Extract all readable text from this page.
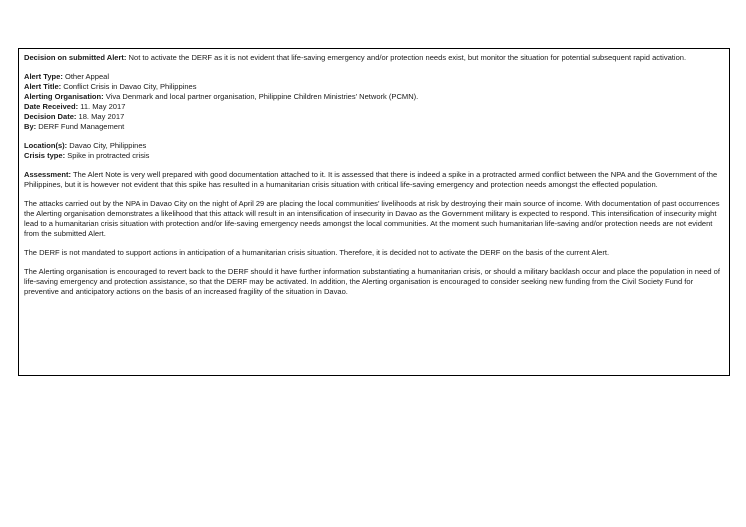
Decision on submitted Alert: Not to activate the DERF as it is not evident that life-saving emergency and/or protection needs exist, but monitor the situation for potential subsequent rapid activation.

Alert Type: Other Appeal

Alert Title: Conflict Crisis in Davao City, Philippines

Alerting Organisation: Viva Denmark and local partner organisation, Philippine Children Ministries’ Network (PCMN).

Date Received: 11. May 2017

Decision Date: 18. May 2017

By: DERF Fund Management

Location(s): Davao City, Philippines

Crisis type: Spike in protracted crisis

Assessment: The Alert Note is very well prepared with good documentation attached to it. It is assessed that there is indeed a spike in a protracted armed conflict between the NPA and the Government of the Philippines, but it is however not evident that this spike has resulted in a humanitarian crisis situation with critical life-saving emergency and protection needs amongst the effected population.

The attacks carried out by the NPA in Davao City on the night of April 29 are placing the local communities’ livelihoods at risk by destroying their main source of income. With documentation of past occurrences the Alerting organisation demonstrates a likelihood that this attack will result in an intensification of insecurity in Davao as the Government military is expected to respond. This intensification of insecurity might lead to a humanitarian crisis situation with protection and/or life-saving emergency needs amongst the local communities. At the moment such humanitarian life-saving and/or protection needs are not evident from the submitted Alert.

The DERF is not mandated to support actions in anticipation of a humanitarian crisis situation. Therefore, it is decided not to activate the DERF on the basis of the current Alert.

The Alerting organisation is encouraged to revert back to the DERF should it have further information substantiating a humanitarian crisis, or should a military backlash occur and place the population in need of life-saving emergency and protection assistance, so that the DERF may be activated. In addition, the Alerting organisation is encouraged to consider seeking new funding from the Civil Society Fund for preventive and anticipatory actions on the basis of an increased fragility of the situation in Davao.
